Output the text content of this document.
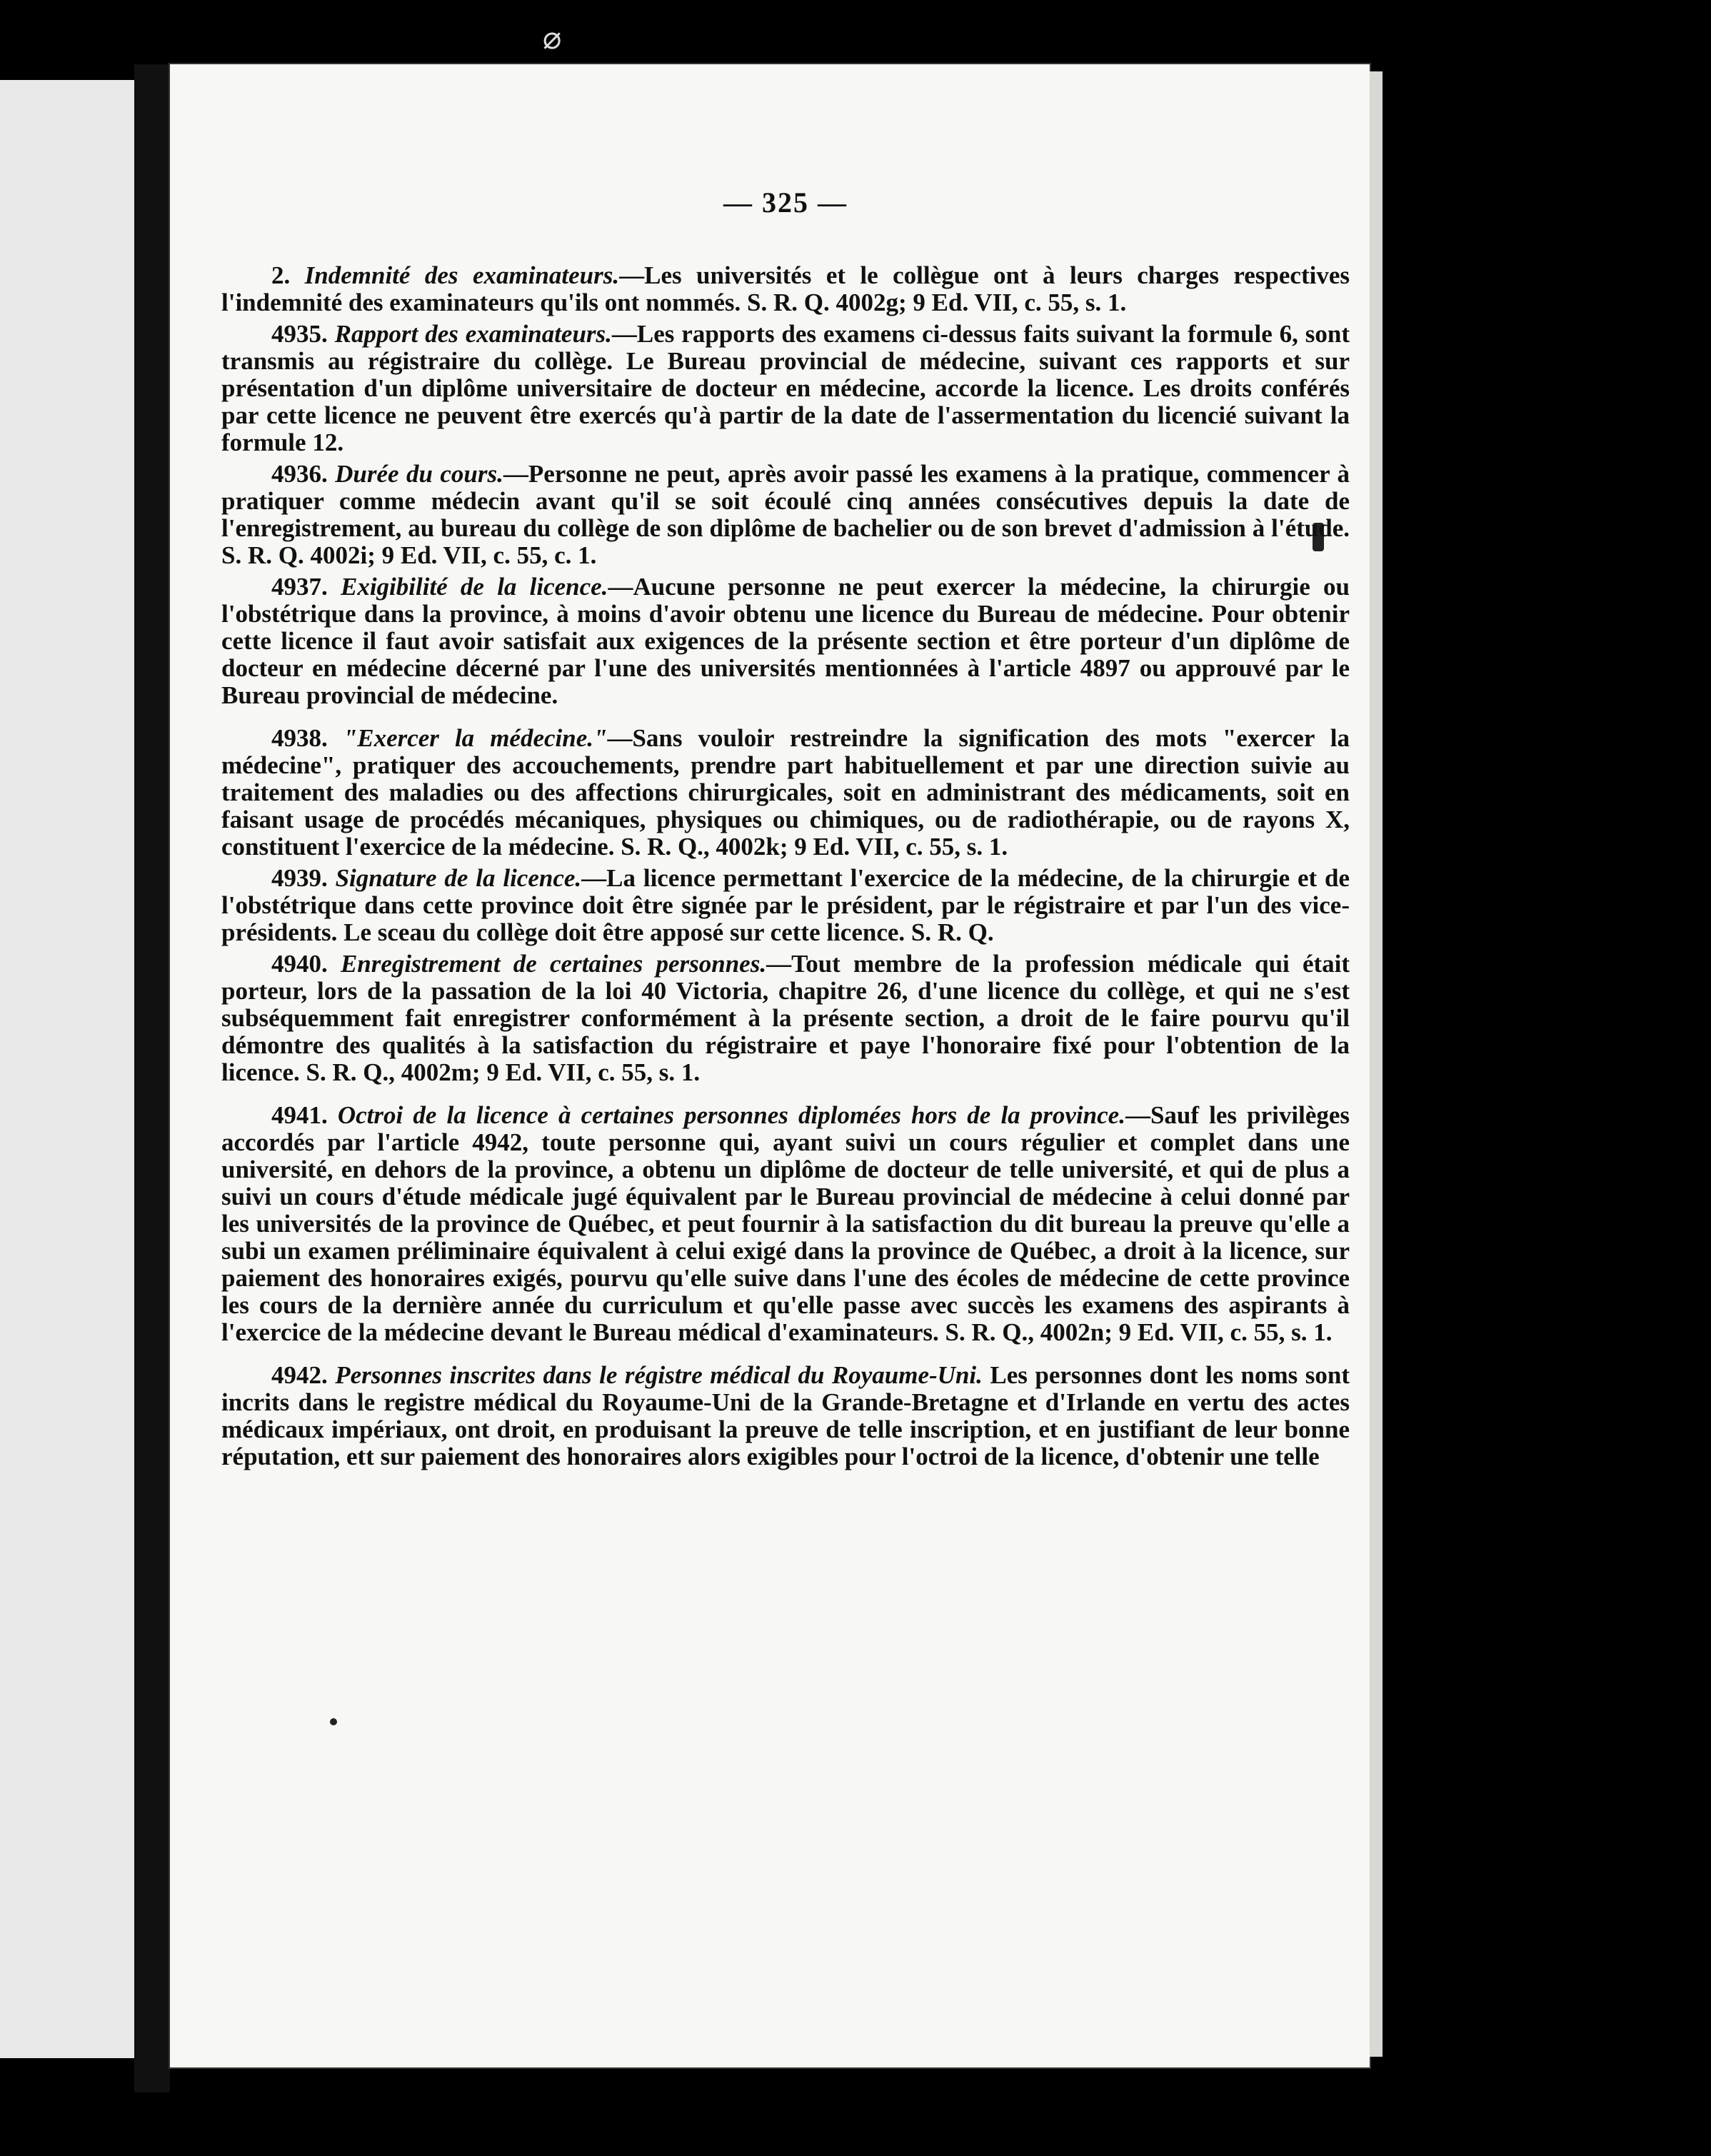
⌀
— 325 —

2. Indemnité des examinateurs.—Les universités et le collègue ont à leurs charges respectives l'indemnité des examinateurs qu'ils ont nommés. S. R. Q. 4002g; 9 Ed. VII, c. 55, s. 1.

4935. Rapport des examinateurs.—Les rapports des examens ci-dessus faits suivant la formule 6, sont transmis au régistraire du collège. Le Bureau provincial de médecine, suivant ces rapports et sur présentation d'un diplôme universitaire de docteur en médecine, accorde la licence. Les droits conférés par cette licence ne peuvent être exercés qu'à partir de la date de l'assermentation du licencié suivant la formule 12.

4936. Durée du cours.—Personne ne peut, après avoir passé les examens à la pratique, commencer à pratiquer comme médecin avant qu'il se soit écoulé cinq années consécutives depuis la date de l'enregistrement, au bureau du collège de son diplôme de bachelier ou de son brevet d'admission à l'étude. S. R. Q. 4002i; 9 Ed. VII, c. 55, c. 1.

4937. Exigibilité de la licence.—Aucune personne ne peut exercer la médecine, la chirurgie ou l'obstétrique dans la province, à moins d'avoir obtenu une licence du Bureau de médecine. Pour obtenir cette licence il faut avoir satisfait aux exigences de la présente section et être porteur d'un diplôme de docteur en médecine décerné par l'une des universités mentionnées à l'article 4897 ou approuvé par le Bureau provincial de médecine.

4938. "Exercer la médecine."—Sans vouloir restreindre la signification des mots "exercer la médecine", pratiquer des accouchements, prendre part habituellement et par une direction suivie au traitement des maladies ou des affections chirurgicales, soit en administrant des médicaments, soit en faisant usage de procédés mécaniques, physiques ou chimiques, ou de radiothérapie, ou de rayons X, constituent l'exercice de la médecine. S. R. Q., 4002k; 9 Ed. VII, c. 55, s. 1.

4939. Signature de la licence.—La licence permettant l'exercice de la médecine, de la chirurgie et de l'obstétrique dans cette province doit être signée par le président, par le régistraire et par l'un des vice-présidents. Le sceau du collège doit être apposé sur cette licence. S. R. Q.

4940. Enregistrement de certaines personnes.—Tout membre de la profession médicale qui était porteur, lors de la passation de la loi 40 Victoria, chapitre 26, d'une licence du collège, et qui ne s'est subséquemment fait enregistrer conformément à la présente section, a droit de le faire pourvu qu'il démontre des qualités à la satisfaction du régistraire et paye l'honoraire fixé pour l'obtention de la licence. S. R. Q., 4002m; 9 Ed. VII, c. 55, s. 1.

4941. Octroi de la licence à certaines personnes diplomées hors de la province.—Sauf les privilèges accordés par l'article 4942, toute personne qui, ayant suivi un cours régulier et complet dans une université, en dehors de la province, a obtenu un diplôme de docteur de telle université, et qui de plus a suivi un cours d'étude médicale jugé équivalent par le Bureau provincial de médecine à celui donné par les universités de la province de Québec, et peut fournir à la satisfaction du dit bureau la preuve qu'elle a subi un examen préliminaire équivalent à celui exigé dans la province de Québec, a droit à la licence, sur paiement des honoraires exigés, pourvu qu'elle suive dans l'une des écoles de médecine de cette province les cours de la dernière année du curriculum et qu'elle passe avec succès les examens des aspirants à l'exercice de la médecine devant le Bureau médical d'examinateurs. S. R. Q., 4002n; 9 Ed. VII, c. 55, s. 1.

4942. Personnes inscrites dans le régistre médical du Royaume-Uni. Les personnes dont les noms sont incrits dans le registre médical du Royaume-Uni de la Grande-Bretagne et d'Irlande en vertu des actes médicaux impériaux, ont droit, en produisant la preuve de telle inscription, et en justifiant de leur bonne réputation, ett sur paiement des honoraires alors exigibles pour l'octroi de la licence, d'obtenir une telle
